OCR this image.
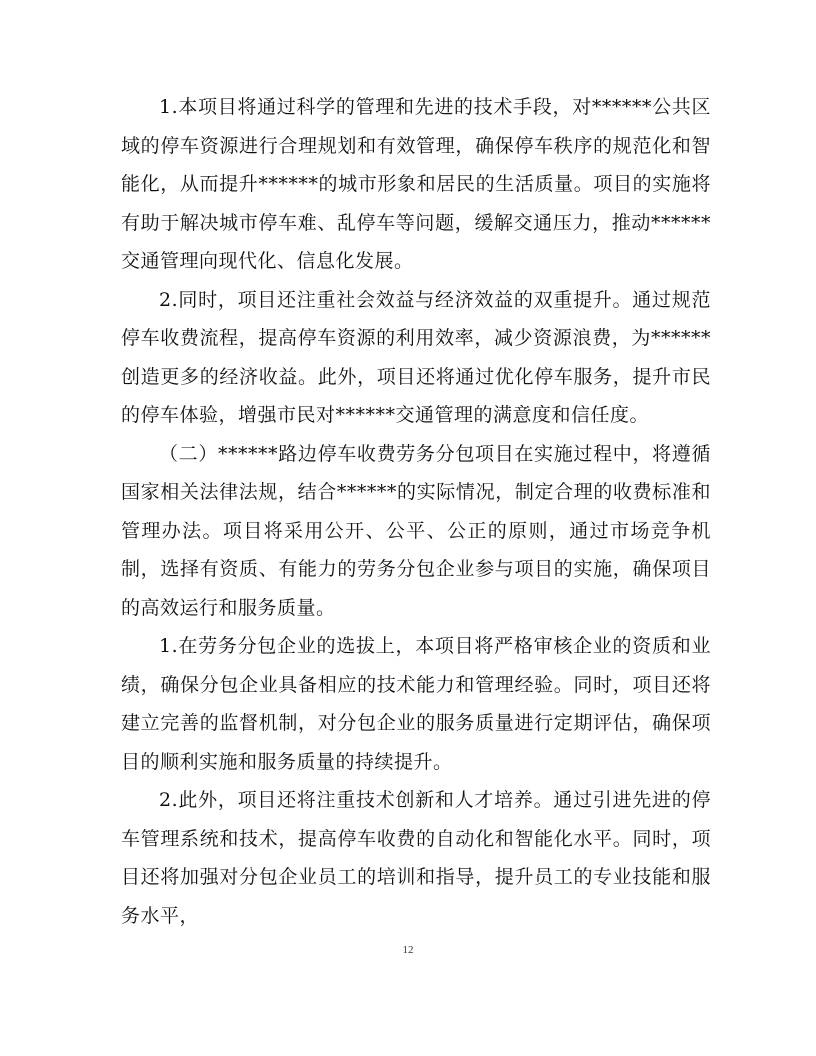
1.本项目将通过科学的管理和先进的技术手段，对******公共区域的停车资源进行合理规划和有效管理，确保停车秩序的规范化和智能化，从而提升******的城市形象和居民的生活质量。项目的实施将有助于解决城市停车难、乱停车等问题，缓解交通压力，推动******交通管理向现代化、信息化发展。

2.同时，项目还注重社会效益与经济效益的双重提升。通过规范停车收费流程，提高停车资源的利用效率，减少资源浪费，为******创造更多的经济收益。此外，项目还将通过优化停车服务，提升市民的停车体验，增强市民对******交通管理的满意度和信任度。

（二）******路边停车收费劳务分包项目在实施过程中，将遵循国家相关法律法规，结合******的实际情况，制定合理的收费标准和管理办法。项目将采用公开、公平、公正的原则，通过市场竞争机制，选择有资质、有能力的劳务分包企业参与项目的实施，确保项目的高效运行和服务质量。

1.在劳务分包企业的选拔上，本项目将严格审核企业的资质和业绩，确保分包企业具备相应的技术能力和管理经验。同时，项目还将建立完善的监督机制，对分包企业的服务质量进行定期评估，确保项目的顺利实施和服务质量的持续提升。

2.此外，项目还将注重技术创新和人才培养。通过引进先进的停车管理系统和技术，提高停车收费的自动化和智能化水平。同时，项目还将加强对分包企业员工的培训和指导，提升员工的专业技能和服务水平，

12
